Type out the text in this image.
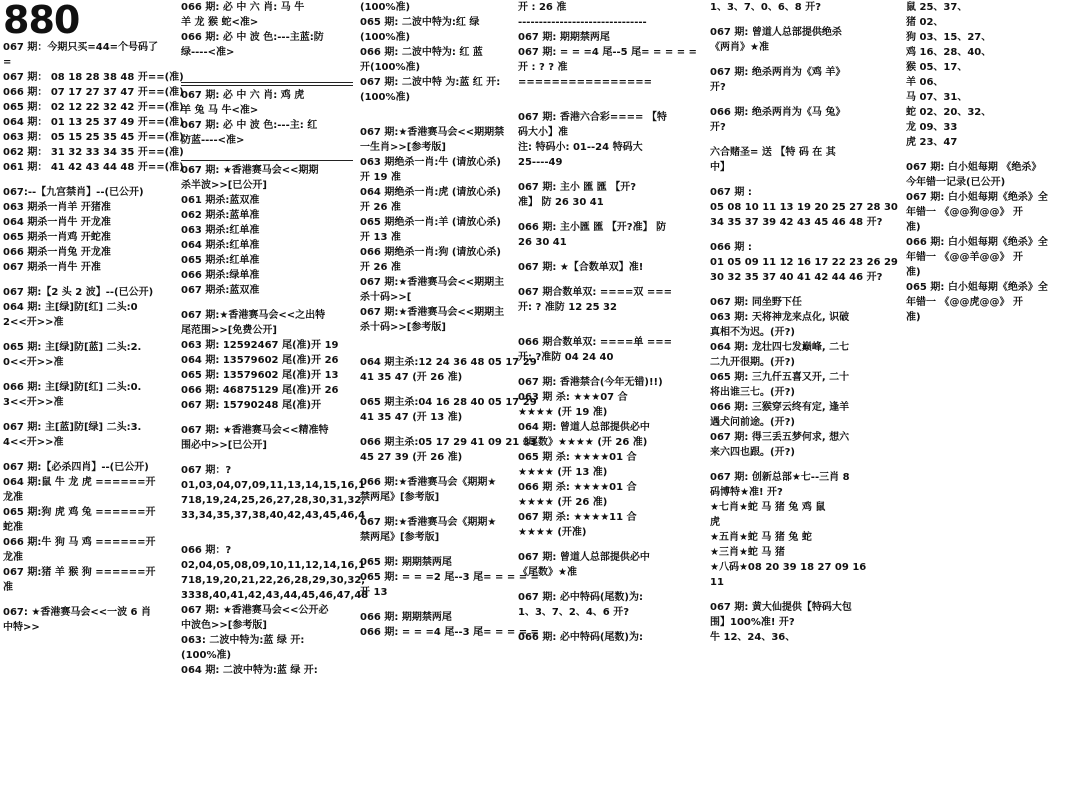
880
067 期：今期只买=44=个号码了
=
067 期： 08 18 28 38 48 开==(准)
066 期： 07 17 27 37 47 开==(准)
065 期： 02 12 22 32 42 开==(准)
064 期： 01 13 25 37 49 开==(准)
063 期： 05 15 25 35 45 开==(准)
062 期： 31 32 33 34 35 开==(准)
061 期： 41 42 43 44 48 开==(准)
067:--【九宫禁肖】--(已公开)
063 期杀一肖羊 开猪准
064 期杀一肖牛 开龙准
065 期杀一肖鸡 开蛇准
066 期杀一肖兔 开龙准
067 期杀一肖牛 开准
067 期:【2 头 2 波】--(已公开)
064 期: 主[绿]防[红] 二头:0
2<<开>>准
065 期: 主[绿]防[蓝] 二头:2.
0<<开>>准
066 期: 主[绿]防[红] 二头:0.
3<<开>>准
067 期: 主[蓝]防[绿] 二头:3.
4<<开>>准
067 期:【必杀四肖】--(已公开)
064 期:鼠 牛 龙 虎 ======开
龙准
065 期:狗 虎 鸡 兔 ======开
蛇准
066 期:牛 狗 马 鸡 ======开
龙准
067 期:猪 羊 猴 狗 ======开
准
067: ★香港赛马会<<一波 6 肖
中特>>
066 期: 必 中 六 肖: 马 牛
羊 龙 猴 蛇<准>
066 期: 必 中 波 色:---主蓝:防
绿----<准>
067 期: 必 中 六 肖: 鸡 虎
羊 兔 马 牛<准>
067 期: 必 中 波 色:---主: 红
防蓝----<准>
067 期: ★香港赛马会<<期期
杀半波>>[已公开]
061 期杀:蓝双准
062 期杀:蓝单准
063 期杀:红单准
064 期杀:红单准
065 期杀:红单准
066 期杀:绿单准
067 期杀:蓝双准
067 期:★香港赛马会<<之出特
尾范围>>[免费公开]
063 期: 12592467 尾(准)开 19
064 期: 13579602 尾(准)开 26
065 期: 13579602 尾(准)开 13
066 期: 46875129 尾(准)开 26
067 期: 15790248 尾(准)开
067 期: ★香港赛马会<<精准特
围必中>>[已公开]
067 期：?
01,03,04,07,09,11,13,14,15,16,1
718,19,24,25,26,27,28,30,31,32,
33,34,35,37,38,40,42,43,45,46,4
066 期：?
02,04,05,08,09,10,11,12,14,16,1
718,19,20,21,22,26,28,29,30,32,
3338,40,41,42,43,44,45,46,47,48
067 期: ★香港赛马会<<公开必
中波色>>[参考版]
063: 二波中特为:蓝 绿 开:
(100%准)
064 期: 二波中特为:蓝 绿 开:
(100%准)
065 期: 二波中特为:红 绿
(100%准)
066 期: 二波中特为: 红 蓝
开(100%准)
067 期: 二波中特 为:蓝 红 开:
(100%准)
067 期:★香港赛马会<<期期禁
一生肖>>[参考版]
063 期绝杀一肖:牛 (请放心杀)
开 19 准
064 期绝杀一肖:虎 (请放心杀)
开 26 准
065 期绝杀一肖:羊 (请放心杀)
开 13 准
066 期绝杀一肖:狗 (请放心杀)
开 26 准
067 期:★香港赛马会<<期期主
杀十码>>[
067 期:★香港赛马会<<期期主
杀十码>>[参考版]
064 期主杀:12 24 36 48 05 17 29
41 35 47 (开 26 准)
065 期主杀:04 16 28 40 05 17 29
41 35 47 (开 13 准)
066 期主杀:05 17 29 41 09 21 33
45 27 39 (开 26 准)
066 期:★香港赛马会《期期★
禁两尾》[参考版]
067 期:★香港赛马会《期期★
禁两尾》[参考版]
065 期: 期期禁两尾
065 期: = = =2 尾--3 尾= = = = =
开 13
066 期: 期期禁两尾
066 期: = = =4 尾--3 尾= = = = =
开 : 26 准
-------------------------------
067 期: 期期禁两尾
067 期: = = =4 尾--5 尾= = = = =
开 : ? ? 准
================
067 期: 香港六合彩==== 【特
码大小】准
注: 特码小: 01--24 特码大
25----49
067 期: 主小 匯 匯 【开?
准】 防 26 30 41
066 期: 主小匯 匯 【开?准】 防
26 30 41
067 期: ★【合数单双】准!
067 期合数单双: ====双 ===
开: ? 准防 12 25 32
066 期合数单双: ====单 ===
开: ?准防 04 24 40
067 期: 香港禁合(今年无错)!!)
063 期 杀: ★★★07 合
★★★★ (开 19 准)
064 期: 曾道人总部提供必中
《尾数》★★★★ (开 26 准)
065 期 杀: ★★★★01 合
★★★★ (开 13 准)
066 期 杀: ★★★★01 合
★★★★ (开 26 准)
067 期 杀: ★★★★11 合
★★★★ (开准)
067 期: 曾道人总部提供必中
《尾数》★准
067 期: 必中特码(尾数)为:
1、3、7、2、4、6 开?
066 期: 必中特码(尾数)为:
1、3、7、0、6、8 开?
067 期: 曾道人总部提供绝杀
《两肖》★准
067 期: 绝杀两肖为《鸡 羊》
开?
066 期: 绝杀两肖为《马 兔》
开?
六合赌圣= 送 【特 码 在 其
中】
067 期 :
05 08 10 11 13 19 20 25 27 28 30
34 35 37 39 42 43 45 46 48 开?
066 期 :
01 05 09 11 12 16 17 22 23 26 29
30 32 35 37 40 41 42 44 46 开?
067 期: 同坐野下任
063 期: 天将神龙来点化, 识破
真相不为迟。(开?)
064 期: 龙壮四七发巅峰, 二七
二九开很期。(开?)
065 期: 三九仟五喜又开, 二十
将出谁三七。(开?)
066 期: 三猴穿云终有定, 逢羊
遇犬问前途。(开?)
067 期: 得三丢五梦何求, 想六
来六四也跟。(开?)
067 期: 创新总部★七--三肖 8
码博特★准! 开?
★七肖★蛇 马 猪 兔 鸡 鼠
虎
★五肖★蛇 马 猪 兔 蛇
★三肖★蛇 马 猪
★八码★08 20 39 18 27 09 16
11
067 期: 黄大仙提供【特码大包
围】100%准! 开?
牛 12、24、36、
鼠 25、37、
猪 02、
狗 03、15、27、
鸡 16、28、40、
猴 05、17、
羊 06、
马 07、31、
蛇 02、20、32、
龙 09、33
虎 23、47
067 期: 白小姐每期 《绝杀》
今年错一记录(已公开)
067 期: 白小姐每期《绝杀》全
年错一 《@@狗@@》 开
准)
066 期: 白小姐每期《绝杀》全
年错一 《@@羊@@》 开
准)
065 期: 白小姐每期《绝杀》全
年错一 《@@虎@@》 开
准)
